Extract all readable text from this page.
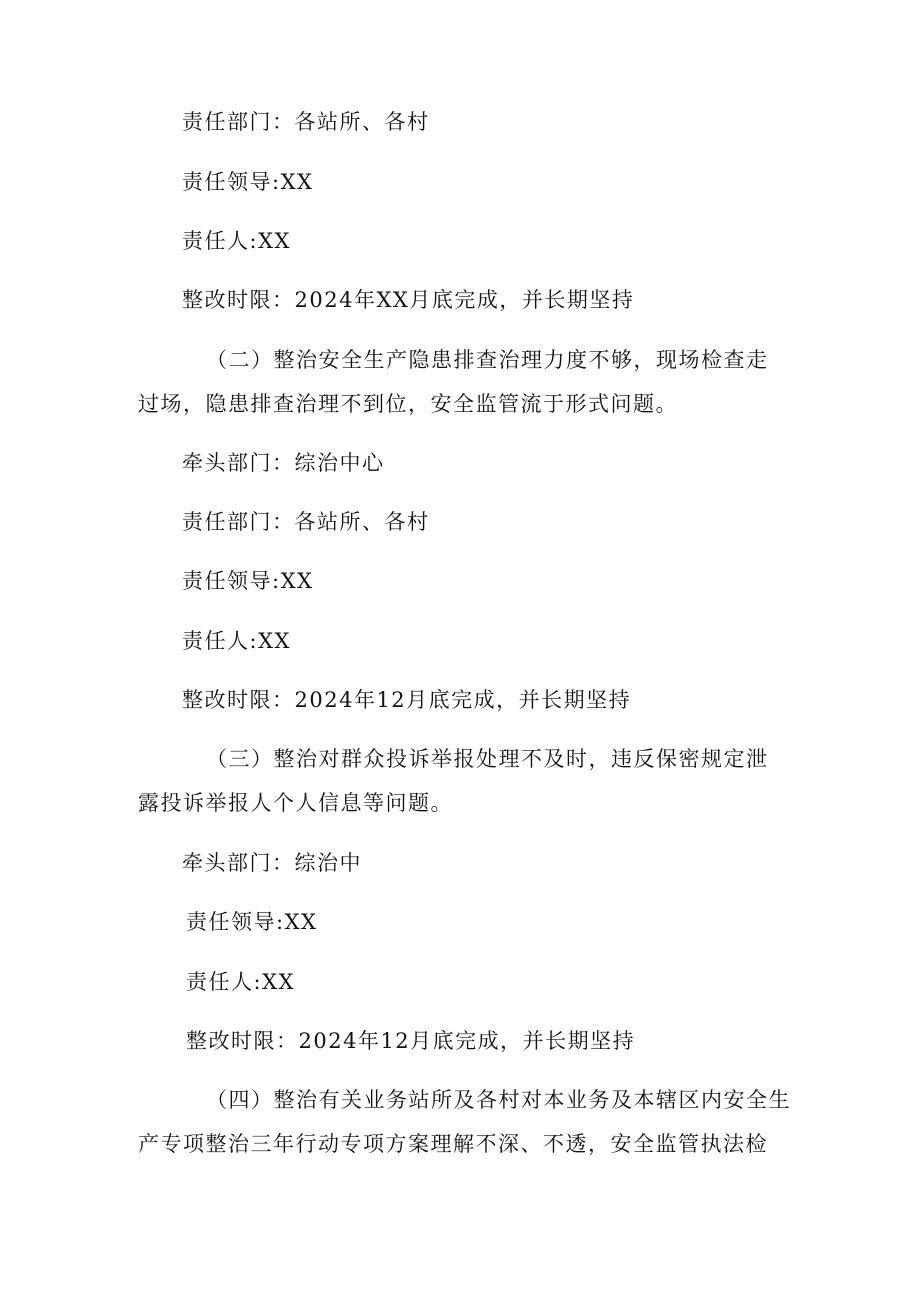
责任部门：各站所、各村
责任领导:XX
责任人:XX
整改时限：2024年XX月底完成，并长期坚持
（二）整治安全生产隐患排查治理力度不够，现场检查走
过场，隐患排查治理不到位，安全监管流于形式问题。
牵头部门：综治中心
责任部门：各站所、各村
责任领导:XX
责任人:XX
整改时限：2024年12月底完成，并长期坚持
（三）整治对群众投诉举报处理不及时，违反保密规定泄
露投诉举报人个人信息等问题。
牵头部门：综治中
责任领导:XX
责任人:XX
整改时限：2024年12月底完成，并长期坚持
（四）整治有关业务站所及各村对本业务及本辖区内安全生
产专项整治三年行动专项方案理解不深、不透，安全监管执法检
